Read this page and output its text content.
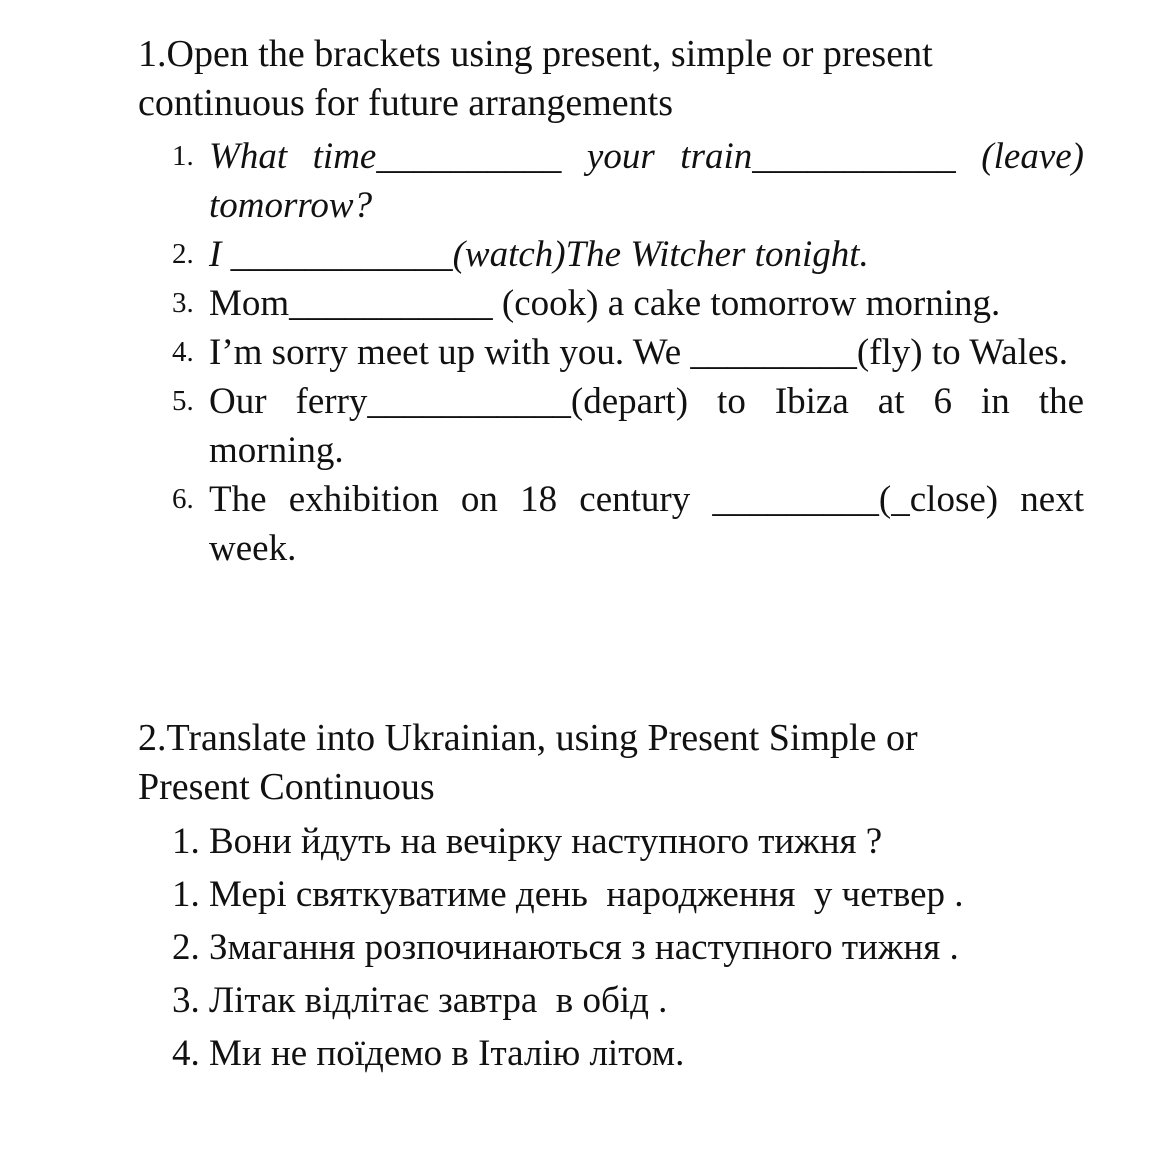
1.Open the brackets using present, simple or present continuous for future arrangements
1. What time__________ your train___________ (leave) tomorrow?
2. I ____________(watch)The Witcher tonight.
3. Mom___________ (cook) a cake tomorrow morning.
4. I’m sorry meet up with you. We _________(fly) to Wales.
5. Our ferry___________(depart) to Ibiza at 6 in the morning.
6. The exhibition on 18 century _________(_close) next week.
2.Translate into Ukrainian, using Present Simple or Present Continuous
1. Вони йдуть на вечірку наступного тижня ?
1. Мері святкуватиме день  народження  у четвер .
2. Змагання розпочинаються з наступного тижня .
3. Літак відлітає завтра  в обід .
4. Ми не поїдемо в Італію літом.
